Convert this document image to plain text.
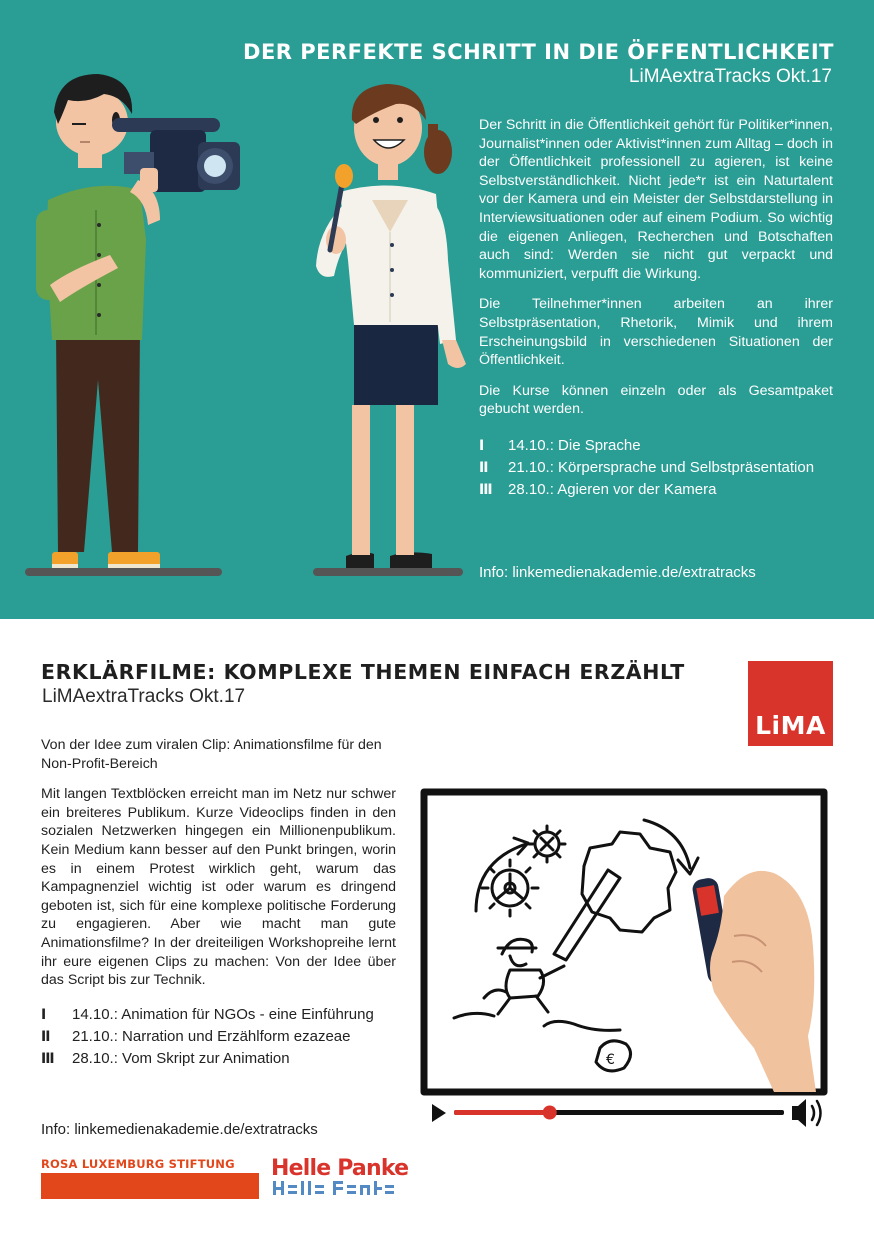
DER PERFEKTE SCHRITT IN DIE ÖFFENTLICHKEIT
LiMAextraTracks Okt.17

Der Schritt in die Öffentlichkeit gehört für Politiker*innen, Journalist*innen oder Aktivist*innen zum Alltag – doch in der Öffentlichkeit professionell zu agieren, ist keine Selbstverständlichkeit. Nicht jede*r ist ein Naturtalent vor der Kamera und ein Meister der Selbstdarstellung in Interviewsituationen oder auf einem Podium. So wichtig die eigenen Anliegen, Recherchen und Botschaften auch sind: Werden sie nicht gut verpackt und kommuniziert, verpufft die Wirkung.

Die Teilnehmer*innen arbeiten an ihrer Selbstpräsentation, Rhetorik, Mimik und ihrem Erscheinungsbild in verschiedenen Situationen der Öffentlichkeit.

Die Kurse können einzeln oder als Gesamtpaket gebucht werden.

I	14.10.: Die Sprache
II	21.10.: Körpersprache und Selbstpräsentation
III	28.10.: Agieren vor der Kamera
Info: linkemedienakademie.de/extratracks
ERKLÄRFILME: KOMPLEXE THEMEN EINFACH ERZÄHLT
LiMAextraTracks Okt.17
LiMA

Von der Idee zum viralen Clip: Animationsfilme für den Non-Profit-Bereich

Mit langen Textblöcken erreicht man im Netz nur schwer ein breiteres Publikum. Kurze Videoclips finden in den sozialen Netzwerken hingegen ein Millionenpublikum. Kein Medium kann besser auf den Punkt bringen, worin es in einem Protest wirklich geht, warum das Kampagnenziel wichtig ist oder warum es dringend geboten ist, sich für eine komplexe politische Forderung zu engagieren. Aber wie macht man gute Animationsfilme? In der dreiteiligen Workshopreihe lernt ihr eure eigenen Clips zu machen: Von der Idee über das Script bis zur Technik.

I	14.10.: Animation für NGOs - eine Einführung
II	21.10.: Narration und Erzählform ezazeae
III	28.10.: Vom Skript zur Animation
Info: linkemedienakademie.de/extratracks
ROSA LUXEMBURG STIFTUNG	Helle Panke
€
